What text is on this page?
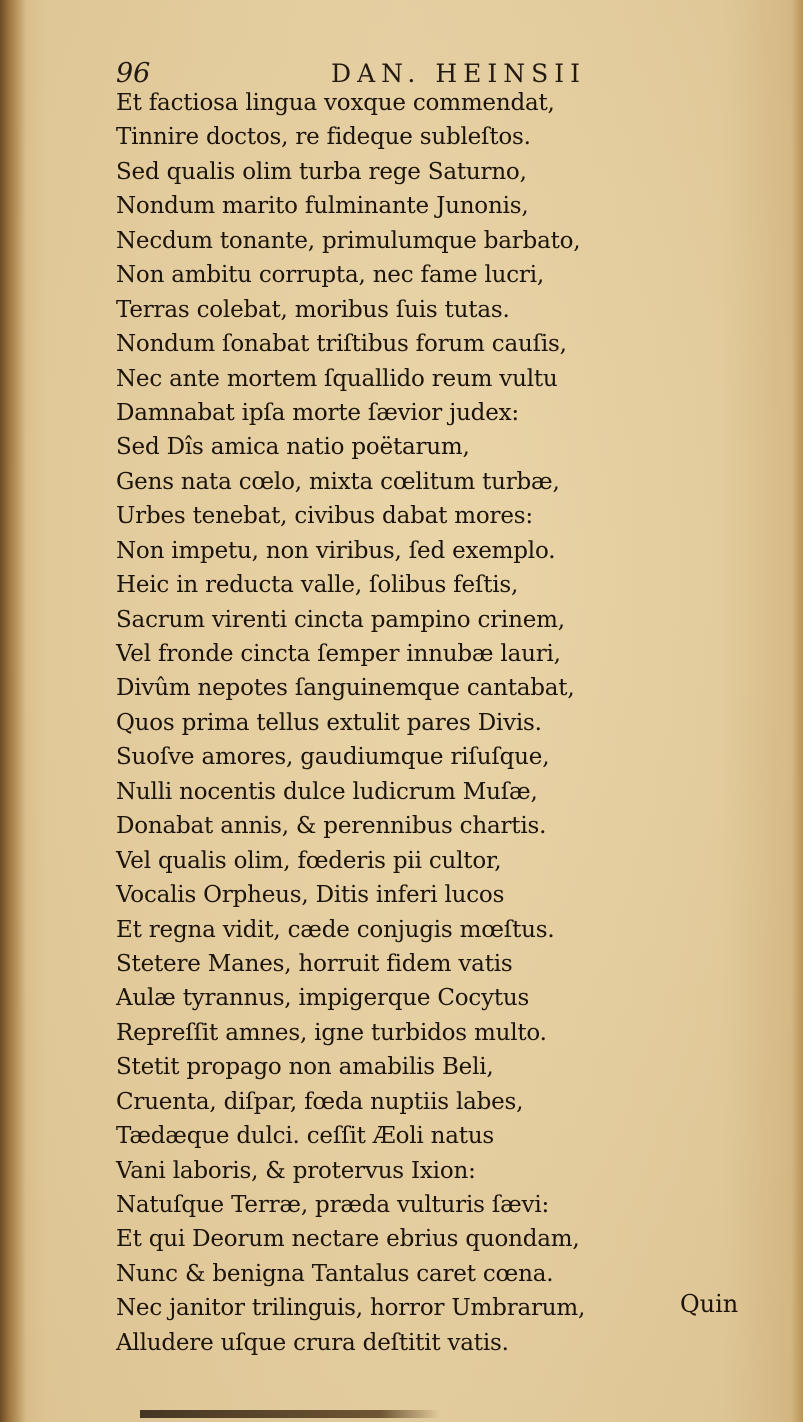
96	DAN. HEINSII
Et factiosa lingua voxque commendat,
Tinnire doctos, re fideque subleſtos.
Sed qualis olim turba rege Saturno,
Nondum marito fulminante Junonis,
Necdum tonante, primulumque barbato,
Non ambitu corrupta, nec fame lucri,
Terras colebat, moribus ſuis tutas.
Nondum ſonabat triſtibus forum cauſis,
Nec ante mortem ſquallido reum vultu
Damnabat ipſa morte ſævior judex:
Sed Dîs amica natio poëtarum,
Gens nata cœlo, mixta cœlitum turbæ,
Urbes tenebat, civibus dabat mores:
Non impetu, non viribus, ſed exemplo.
Heic in reducta valle, ſolibus feſtis,
Sacrum virenti cincta pampino crinem,
Vel fronde cincta ſemper innubæ lauri,
Divûm nepotes ſanguinemque cantabat,
Quos prima tellus extulit pares Divis.
Suoſve amores, gaudiumque riſuſque,
Nulli nocentis dulce ludicrum Muſæ,
Donabat annis, & perennibus chartis.
Vel qualis olim, fœderis pii cultor,
Vocalis Orpheus, Ditis inferi lucos
Et regna vidit, cæde conjugis mœſtus.
Stetere Manes, horruit fidem vatis
Aulæ tyrannus, impigerque Cocytus
Repreſſit amnes, igne turbidos multo.
Stetit propago non amabilis Beli,
Cruenta, diſpar, fœda nuptiis labes,
Tædæque dulci. ceſſit Æoli natus
Vani laboris, & protervus Ixion:
Natuſque Terræ, præda vulturis ſævi:
Et qui Deorum nectare ebrius quondam,
Nunc & benigna Tantalus caret cœna.
Nec janitor trilinguis, horror Umbrarum,
Alludere uſque crura deſtitit vatis.
Quin
